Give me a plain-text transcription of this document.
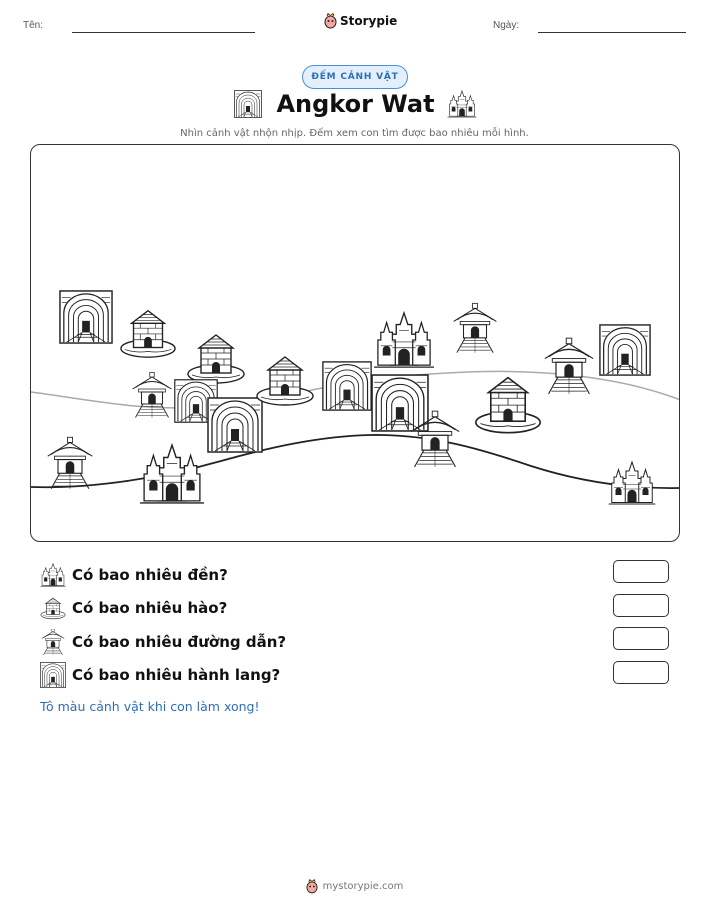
Tên:	Storypie	Ngày:
ĐẾM CẢNH VẬT
Angkor Wat
Nhìn cảnh vật nhộn nhịp. Đếm xem con tìm được bao nhiêu mỗi hình.
Có bao nhiêu đền?
Có bao nhiêu hào?
Có bao nhiêu đường dẫn?
Có bao nhiêu hành lang?
Tô màu cảnh vật khi con làm xong!
mystorypie.com
